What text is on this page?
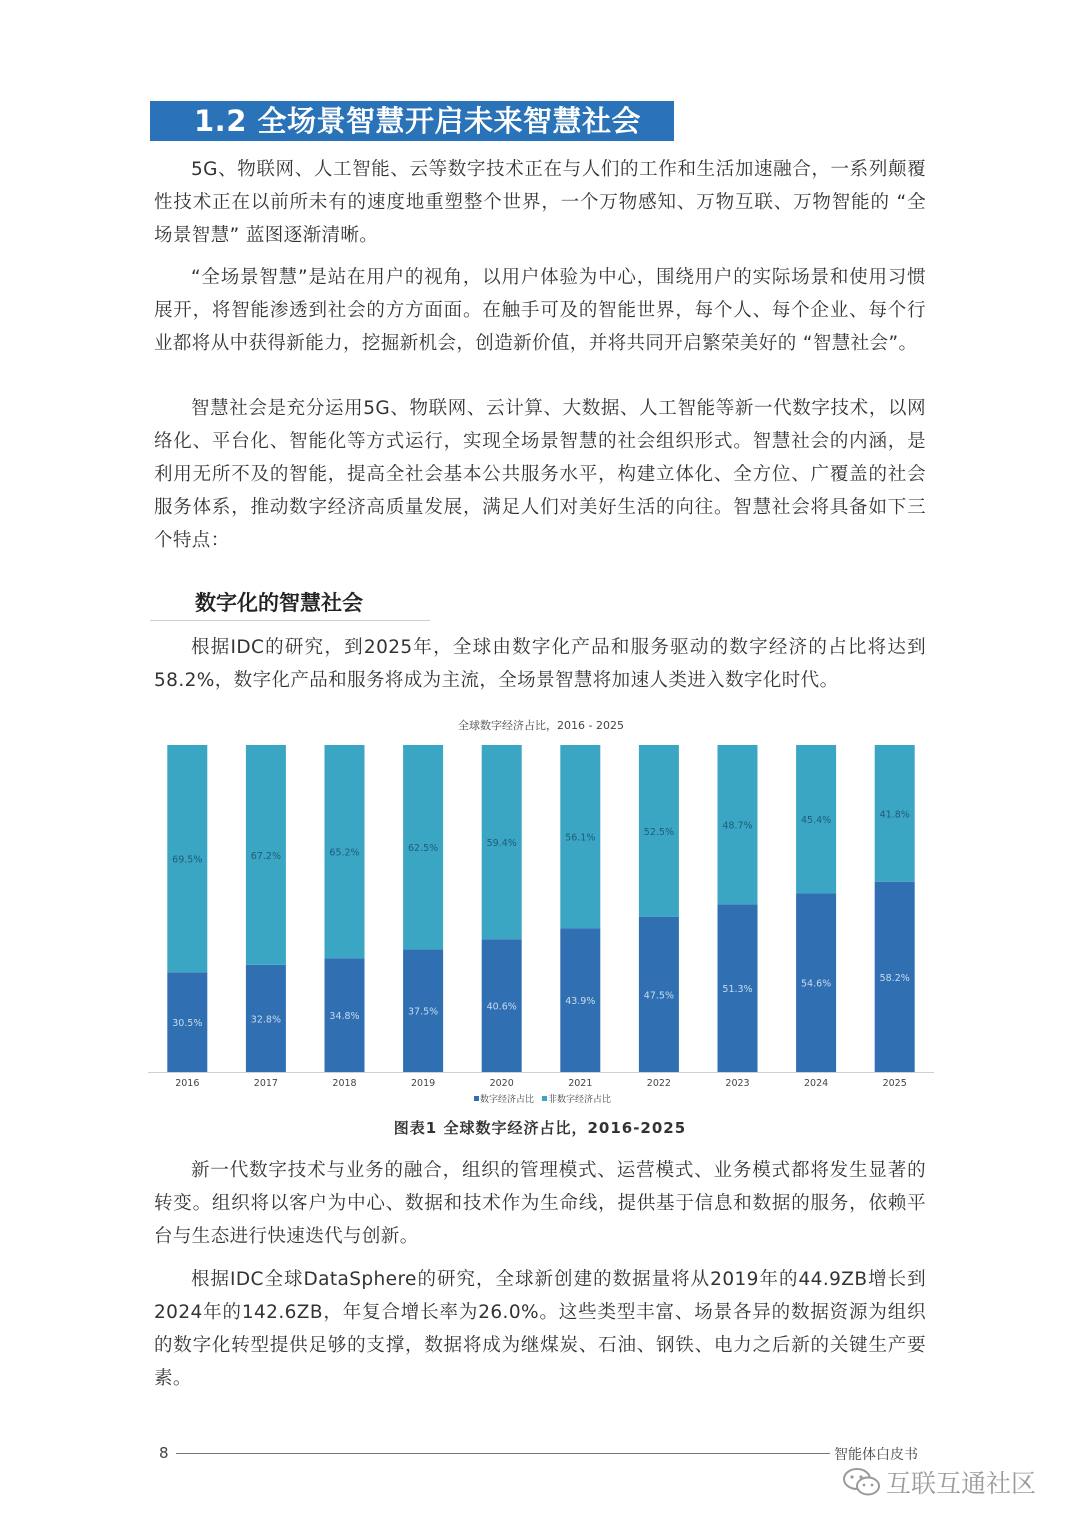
1.2 全场景智慧开启未来智慧社会

5G、物联网、人工智能、云等数字技术正在与人们的工作和生活加速融合，一系列颠覆性技术正在以前所未有的速度地重塑整个世界，一个万物感知、万物互联、万物智能的 “全场景智慧” 蓝图逐渐清晰。

“全场景智慧”是站在用户的视角，以用户体验为中心，围绕用户的实际场景和使用习惯展开，将智能渗透到社会的方方面面。在触手可及的智能世界，每个人、每个企业、每个行业都将从中获得新能力，挖掘新机会，创造新价值，并将共同开启繁荣美好的 “智慧社会”。

智慧社会是充分运用5G、物联网、云计算、大数据、人工智能等新一代数字技术，以网络化、平台化、智能化等方式运行，实现全场景智慧的社会组织形式。智慧社会的内涵，是利用无所不及的智能，提高全社会基本公共服务水平，构建立体化、全方位、广覆盖的社会服务体系，推动数字经济高质量发展，满足人们对美好生活的向往。智慧社会将具备如下三个特点：

数字化的智慧社会

根据IDC的研究，到2025年，全球由数字化产品和服务驱动的数字经济的占比将达到58.2%，数字化产品和服务将成为主流，全场景智慧将加速人类进入数字化时代。

全球数字经济占比，2016 - 2025
30.5%
69.5%
2016
32.8%
67.2%
2017
34.8%
65.2%
2018
37.5%
62.5%
2019
40.6%
59.4%
2020
43.9%
56.1%
2021
47.5%
52.5%
2022
51.3%
48.7%
2023
54.6%
45.4%
2024
58.2%
41.8%
2025
数字经济占比 非数字经济占比
图表1 全球数字经济占比，2016-2025

新一代数字技术与业务的融合，组织的管理模式、运营模式、业务模式都将发生显著的转变。组织将以客户为中心、数据和技术作为生命线，提供基于信息和数据的服务，依赖平台与生态进行快速迭代与创新。

根据IDC全球DataSphere的研究，全球新创建的数据量将从2019年的44.9ZB增长到2024年的142.6ZB，年复合增长率为26.0%。这些类型丰富、场景各异的数据资源为组织的数字化转型提供足够的支撑，数据将成为继煤炭、石油、钢铁、电力之后新的关键生产要素。

8	智能体白皮书
互联互通社区
